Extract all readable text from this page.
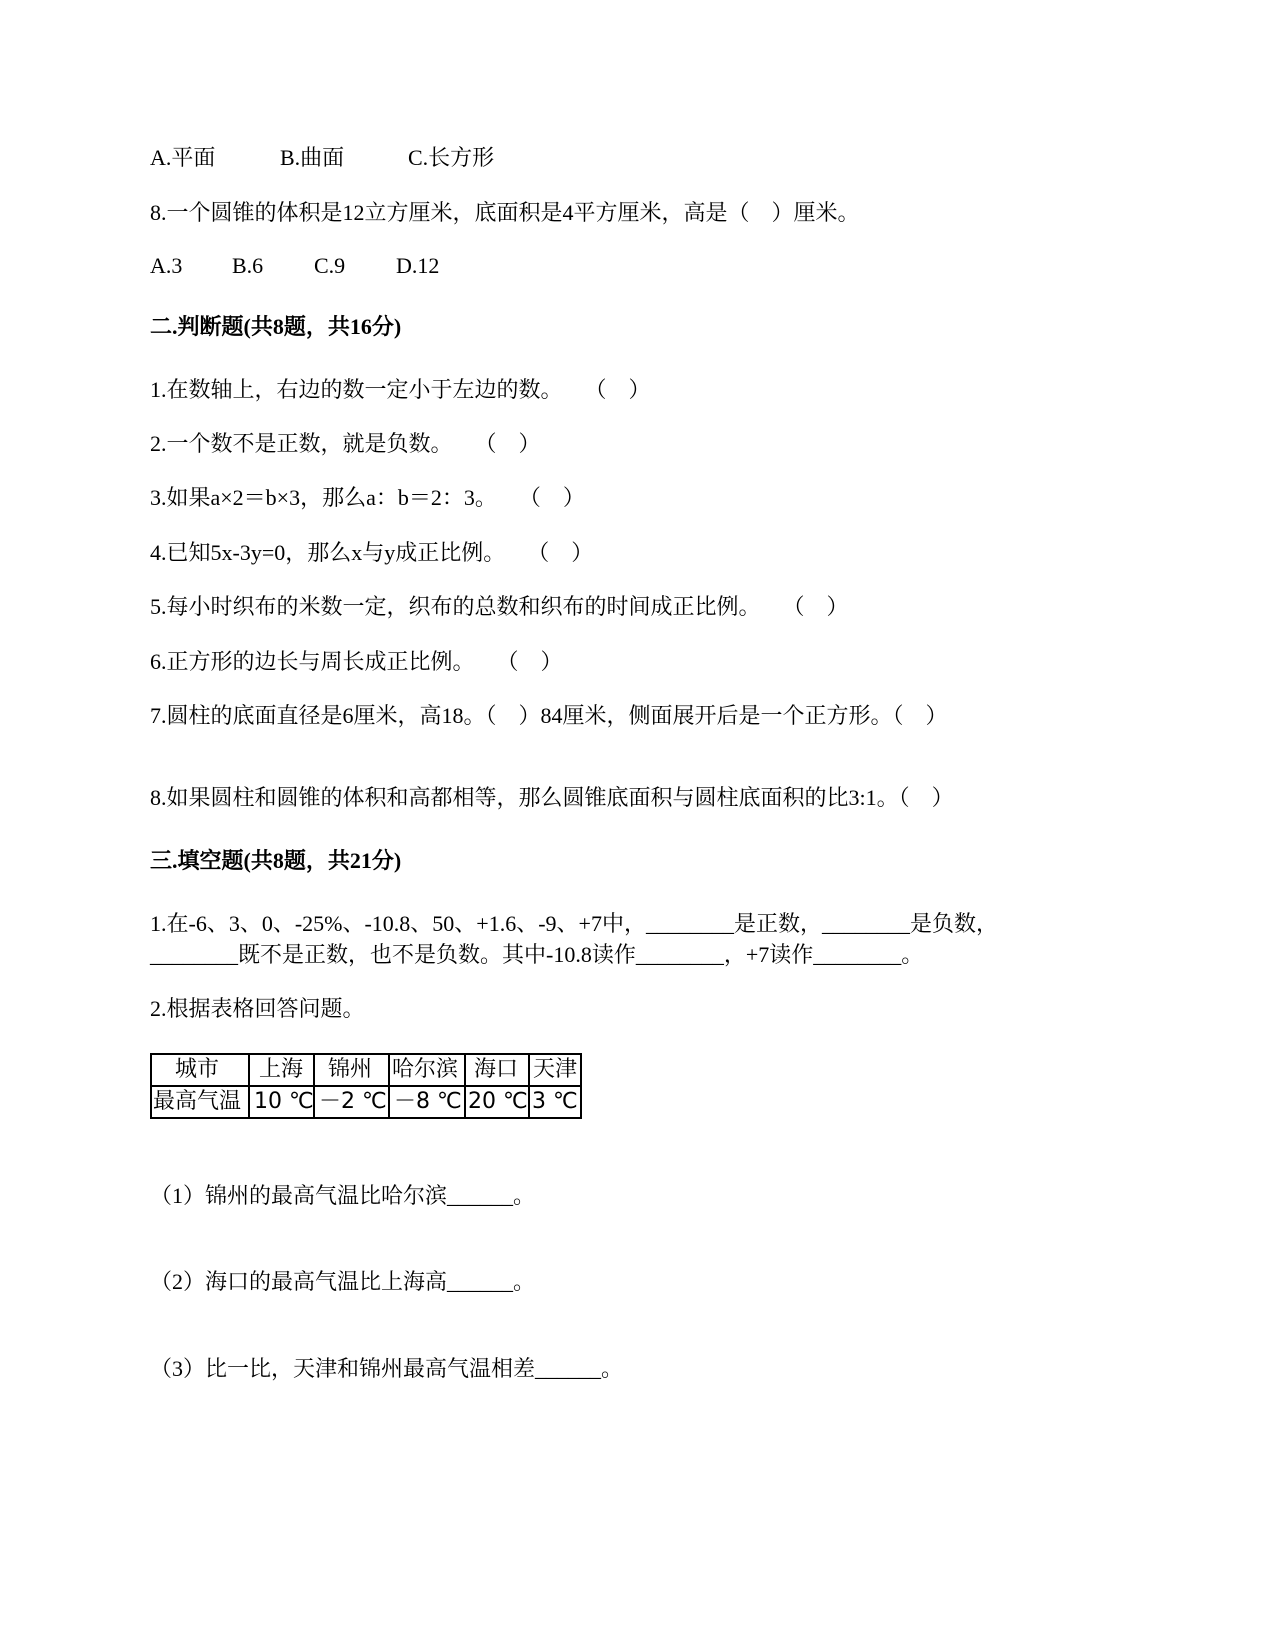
A.平面	B.曲面	C.长方形
8.一个圆锥的体积是12立方厘米，底面积是4平方厘米，高是（　）厘米。
A.3 B.6 C.9 D.12
二.判断题(共8题，共16分)
1.在数轴上，右边的数一定小于左边的数。　　（　）
2.一个数不是正数，就是负数。　　（　）
3.如果a×2＝b×3，那么a：b＝2：3。　　（　）
4.已知5x-3y=0，那么x与y成正比例。　　（　）
5.每小时织布的米数一定，织布的总数和织布的时间成正比例。　　（　）
6.正方形的边长与周长成正比例。　　（　）
7.圆柱的底面直径是6厘米，高18。（　）84厘米，侧面展开后是一个正方形。（　）
8.如果圆柱和圆锥的体积和高都相等，那么圆锥底面积与圆柱底面积的比3:1。（　）
三.填空题(共8题，共21分)
1.在-6、3、0、-25%、-10.8、50、+1.6、-9、+7中，________是正数，________是负数，
________既不是正数，也不是负数。其中-10.8读作________，+7读作________。
2.根据表格回答问题。
城市 上海 锦州 哈尔滨 海口 天津
最高气温 10 ℃ －2 ℃ －8 ℃ 20 ℃ 3 ℃
（1）锦州的最高气温比哈尔滨______。
（2）海口的最高气温比上海高______。
（3）比一比，天津和锦州最高气温相差______。
